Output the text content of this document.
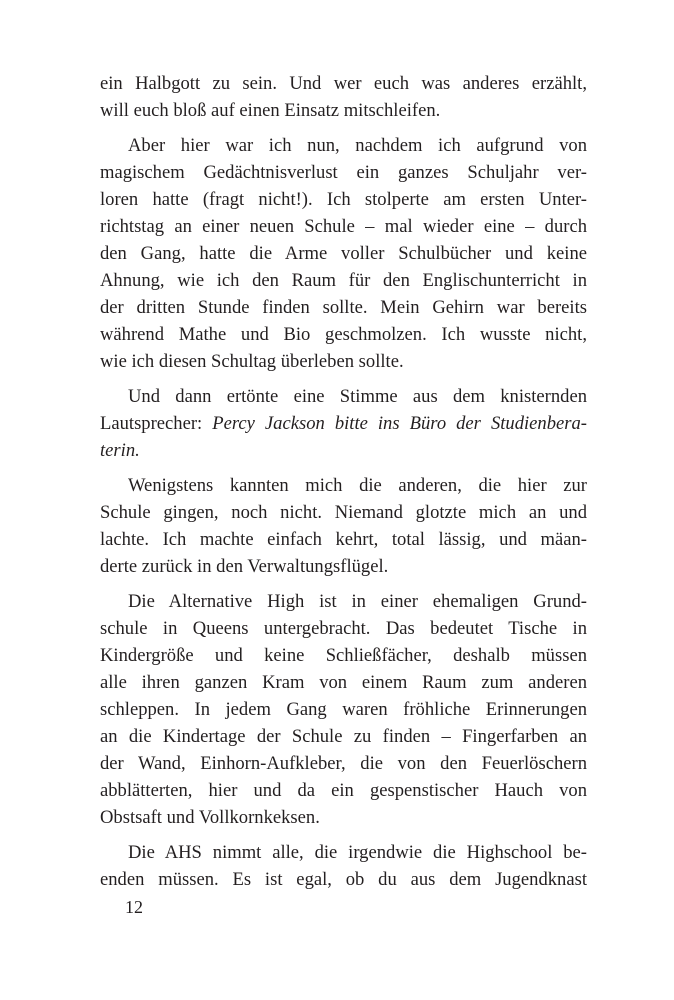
ein Halbgott zu sein. Und wer euch was anderes erzählt,
will euch bloß auf einen Einsatz mitschleifen.
Aber hier war ich nun, nachdem ich aufgrund von
magischem Gedächtnisverlust ein ganzes Schuljahr ver-
loren hatte (fragt nicht!). Ich stolperte am ersten Unter-
richtstag an einer neuen Schule – mal wieder eine – durch
den Gang, hatte die Arme voller Schulbücher und keine
Ahnung, wie ich den Raum für den Englischunterricht in
der dritten Stunde finden sollte. Mein Gehirn war bereits
während Mathe und Bio geschmolzen. Ich wusste nicht,
wie ich diesen Schultag überleben sollte.
Und dann ertönte eine Stimme aus dem knisternden
Lautsprecher: Percy Jackson bitte ins Büro der Studienbera-
terin.
Wenigstens kannten mich die anderen, die hier zur
Schule gingen, noch nicht. Niemand glotzte mich an und
lachte. Ich machte einfach kehrt, total lässig, und mäan-
derte zurück in den Verwaltungsflügel.
Die Alternative High ist in einer ehemaligen Grund-
schule in Queens untergebracht. Das bedeutet Tische in
Kindergröße und keine Schließfächer, deshalb müssen
alle ihren ganzen Kram von einem Raum zum anderen
schleppen. In jedem Gang waren fröhliche Erinnerungen
an die Kindertage der Schule zu finden – Fingerfarben an
der Wand, Einhorn-Aufkleber, die von den Feuerlöschern
abblätterten, hier und da ein gespenstischer Hauch von
Obstsaft und Vollkornkeksen.
Die AHS nimmt alle, die irgendwie die Highschool be-
enden müssen. Es ist egal, ob du aus dem Jugendknast
12
